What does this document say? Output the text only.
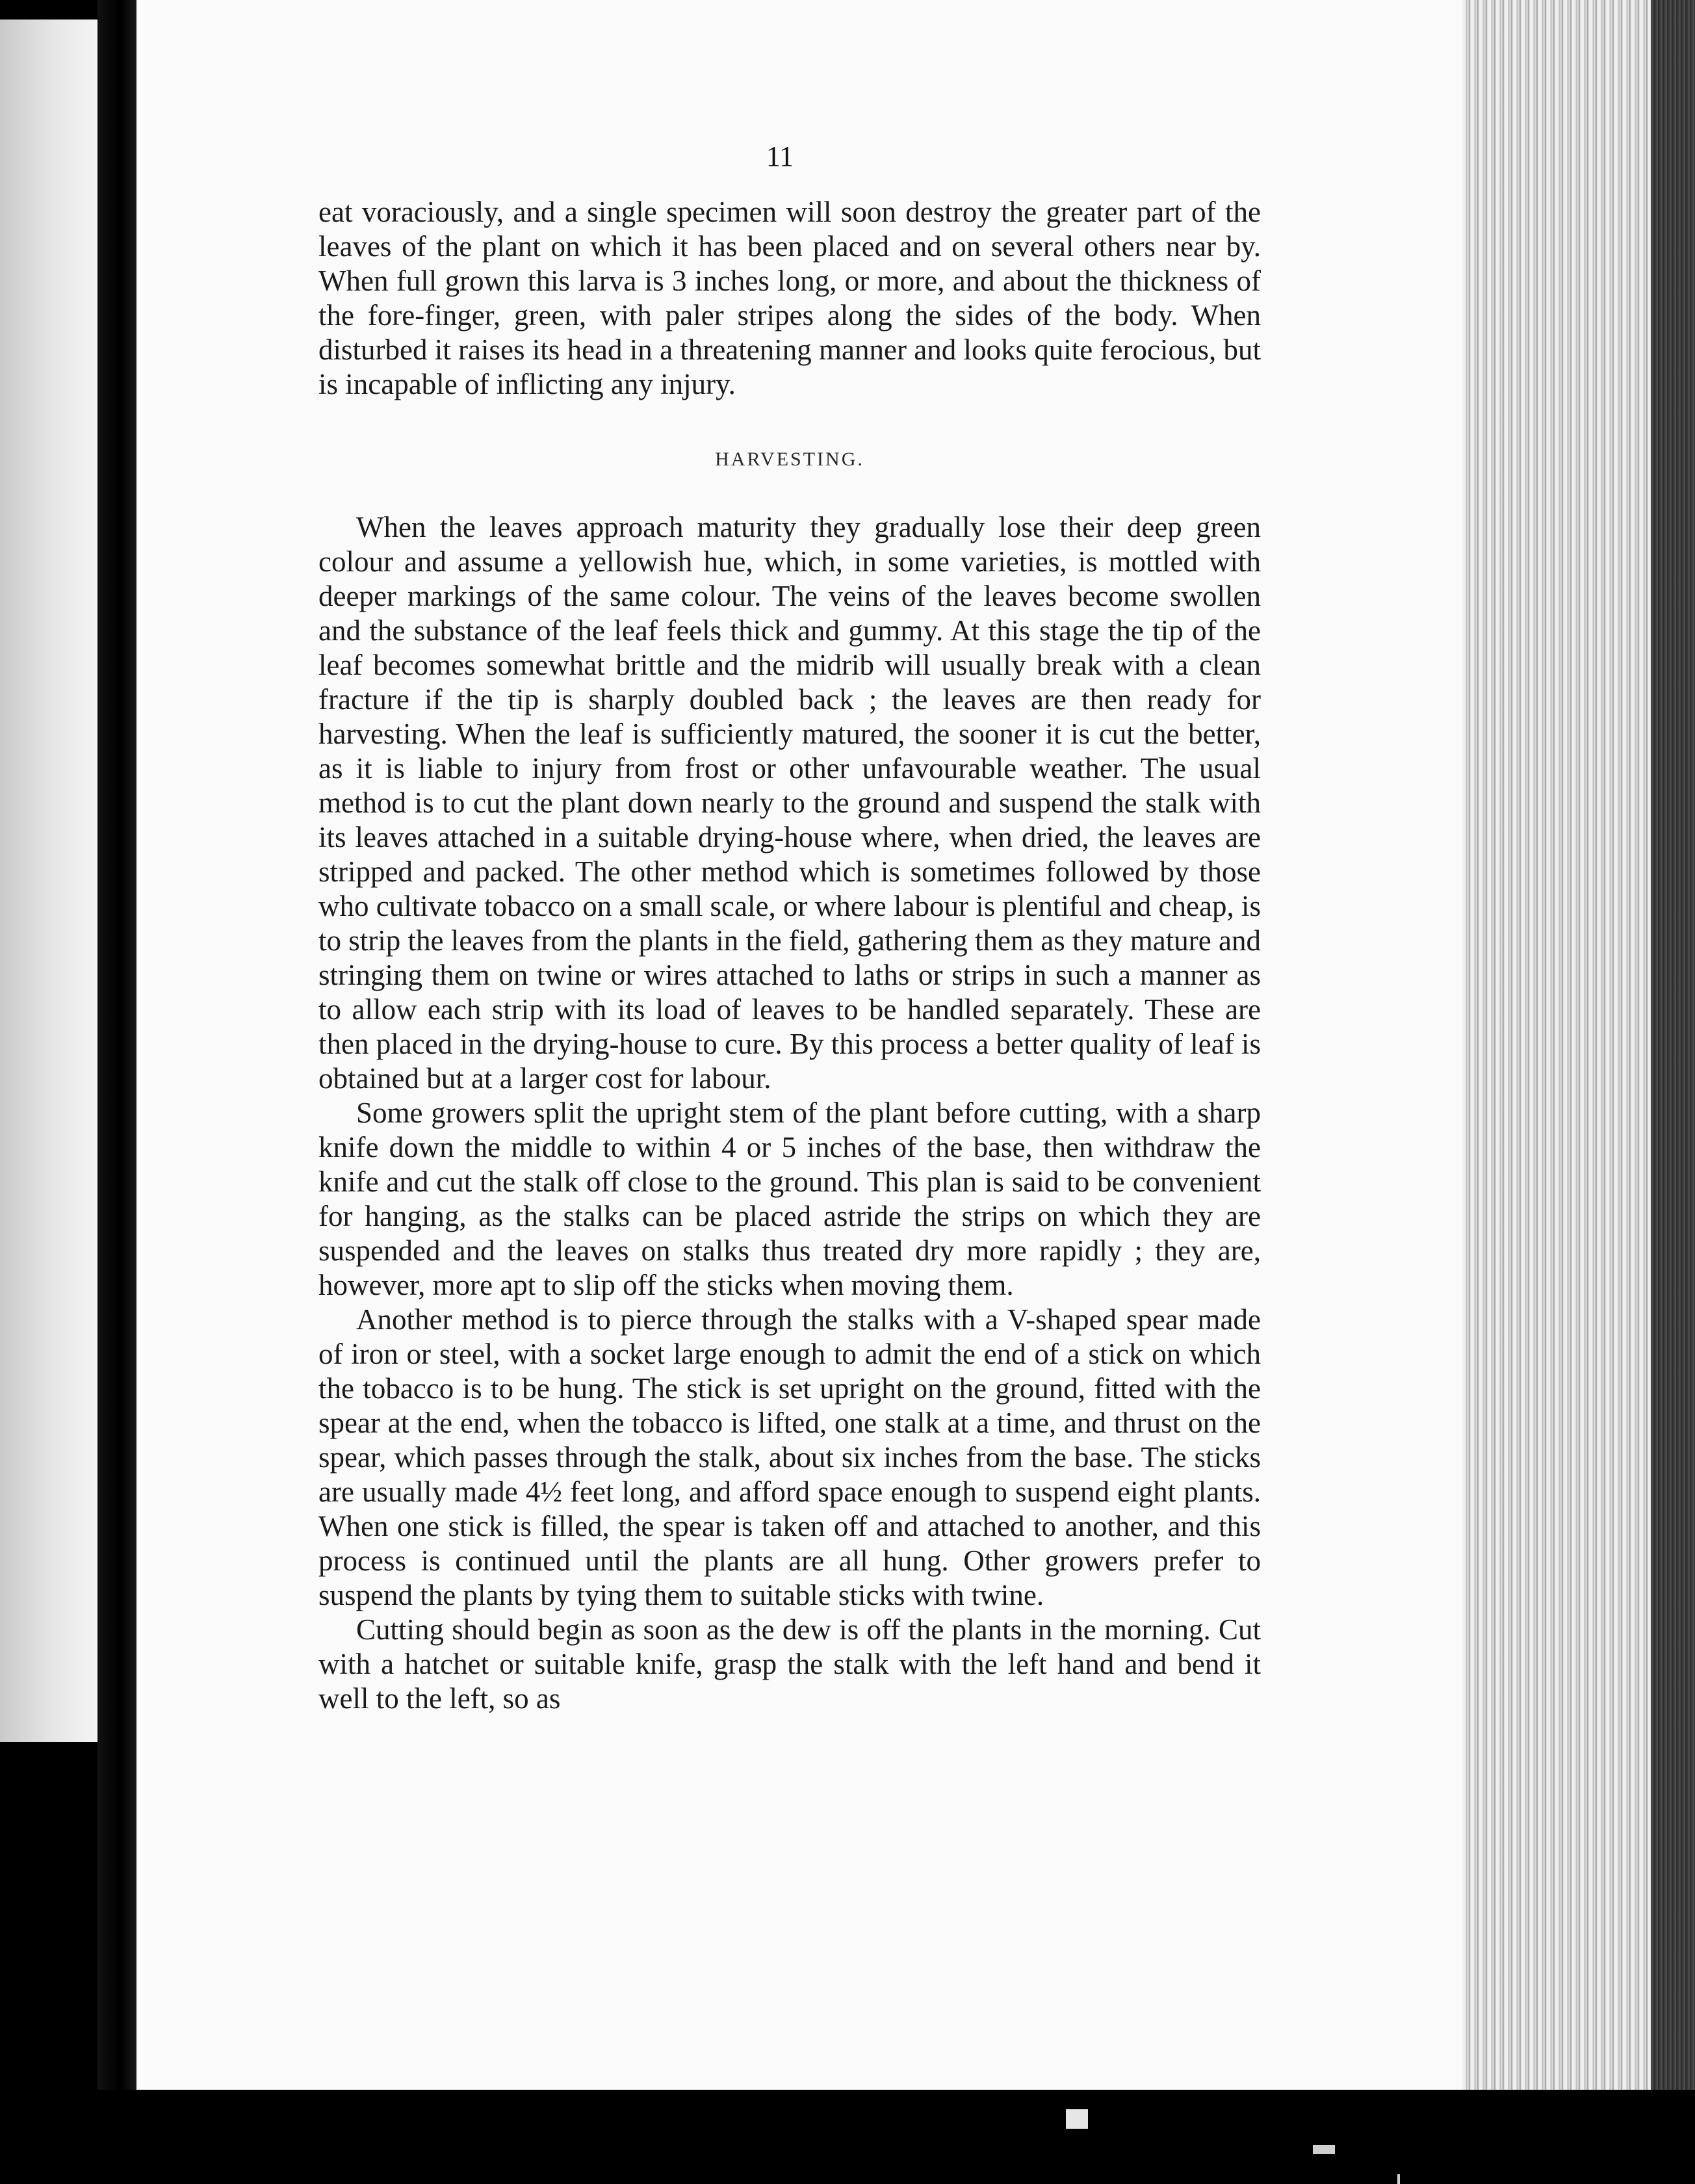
11

eat voraciously, and a single specimen will soon destroy the greater part of the leaves of the plant on which it has been placed and on several others near by. When full grown this larva is 3 inches long, or more, and about the thickness of the fore-finger, green, with paler stripes along the sides of the body. When disturbed it raises its head in a threatening manner and looks quite ferocious, but is incapable of inflicting any injury.

HARVESTING.

When the leaves approach maturity they gradually lose their deep green colour and assume a yellowish hue, which, in some varieties, is mottled with deeper markings of the same colour. The veins of the leaves become swollen and the substance of the leaf feels thick and gummy. At this stage the tip of the leaf becomes somewhat brittle and the midrib will usually break with a clean fracture if the tip is sharply doubled back ; the leaves are then ready for harvesting. When the leaf is sufficiently matured, the sooner it is cut the better, as it is liable to injury from frost or other unfavourable weather. The usual method is to cut the plant down nearly to the ground and suspend the stalk with its leaves attached in a suitable drying-house where, when dried, the leaves are stripped and packed. The other method which is sometimes followed by those who cultivate tobacco on a small scale, or where labour is plentiful and cheap, is to strip the leaves from the plants in the field, gathering them as they mature and stringing them on twine or wires attached to laths or strips in such a manner as to allow each strip with its load of leaves to be handled separately. These are then placed in the drying-house to cure. By this process a better quality of leaf is obtained but at a larger cost for labour.

Some growers split the upright stem of the plant before cutting, with a sharp knife down the middle to within 4 or 5 inches of the base, then withdraw the knife and cut the stalk off close to the ground. This plan is said to be convenient for hanging, as the stalks can be placed astride the strips on which they are suspended and the leaves on stalks thus treated dry more rapidly ; they are, however, more apt to slip off the sticks when moving them.

Another method is to pierce through the stalks with a V-shaped spear made of iron or steel, with a socket large enough to admit the end of a stick on which the tobacco is to be hung. The stick is set upright on the ground, fitted with the spear at the end, when the tobacco is lifted, one stalk at a time, and thrust on the spear, which passes through the stalk, about six inches from the base. The sticks are usually made 4½ feet long, and afford space enough to suspend eight plants. When one stick is filled, the spear is taken off and attached to another, and this process is continued until the plants are all hung. Other growers prefer to suspend the plants by tying them to suitable sticks with twine.

Cutting should begin as soon as the dew is off the plants in the morning. Cut with a hatchet or suitable knife, grasp the stalk with the left hand and bend it well to the left, so as
